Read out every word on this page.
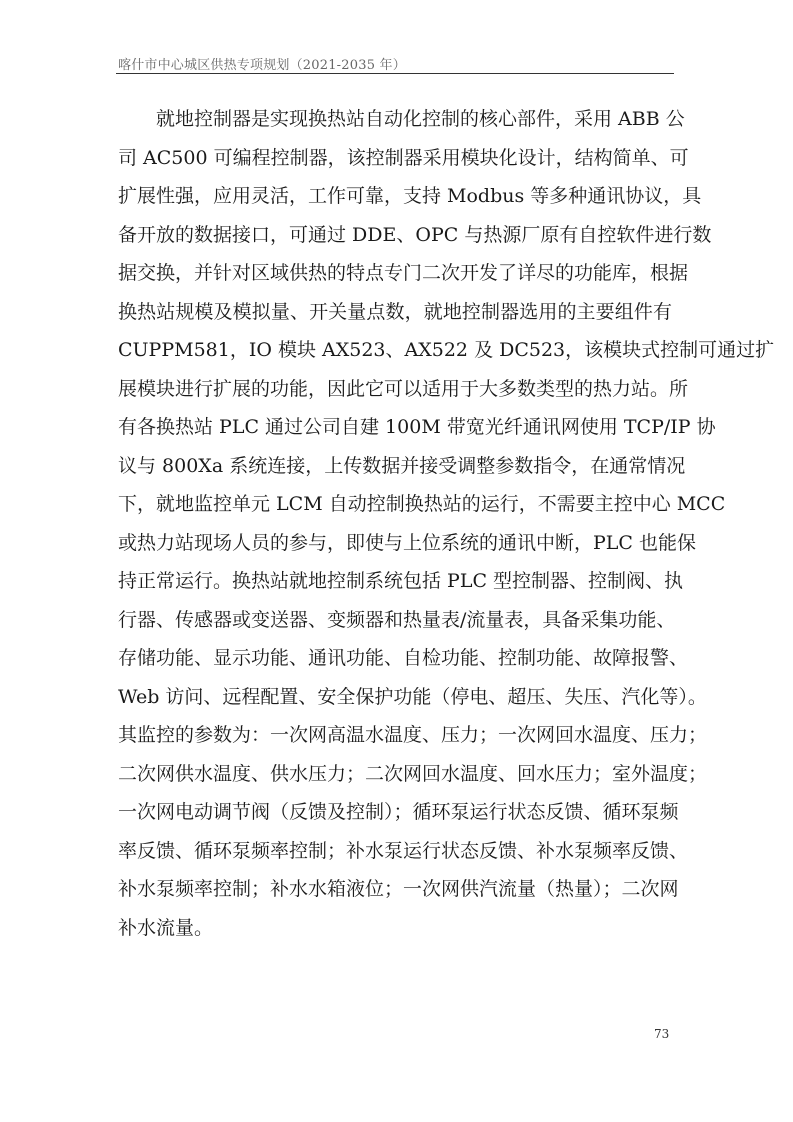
喀什市中心城区供热专项规划（2021-2035 年）
就地控制器是实现换热站自动化控制的核心部件，采用 ABB 公
司 AC500 可编程控制器，该控制器采用模块化设计，结构简单、可
扩展性强，应用灵活，工作可靠，支持 Modbus 等多种通讯协议，具
备开放的数据接口，可通过 DDE、OPC 与热源厂原有自控软件进行数
据交换，并针对区域供热的特点专门二次开发了详尽的功能库，根据
换热站规模及模拟量、开关量点数，就地控制器选用的主要组件有
CUPPM581，IO 模块 AX523、AX522 及 DC523，该模块式控制可通过扩
展模块进行扩展的功能，因此它可以适用于大多数类型的热力站。所
有各换热站 PLC 通过公司自建 100M 带宽光纤通讯网使用 TCP/IP 协
议与 800Xa 系统连接，上传数据并接受调整参数指令，在通常情况
下，就地监控单元 LCM 自动控制换热站的运行，不需要主控中心 MCC
或热力站现场人员的参与，即使与上位系统的通讯中断，PLC 也能保
持正常运行。换热站就地控制系统包括 PLC 型控制器、控制阀、执
行器、传感器或变送器、变频器和热量表/流量表，具备采集功能、
存储功能、显示功能、通讯功能、自检功能、控制功能、故障报警、
Web 访问、远程配置、安全保护功能（停电、超压、失压、汽化等）。
其监控的参数为：一次网高温水温度、压力；一次网回水温度、压力；
二次网供水温度、供水压力；二次网回水温度、回水压力；室外温度；
一次网电动调节阀（反馈及控制）；循环泵运行状态反馈、循环泵频
率反馈、循环泵频率控制；补水泵运行状态反馈、补水泵频率反馈、
补水泵频率控制；补水水箱液位；一次网供汽流量（热量）；二次网
补水流量。
73
